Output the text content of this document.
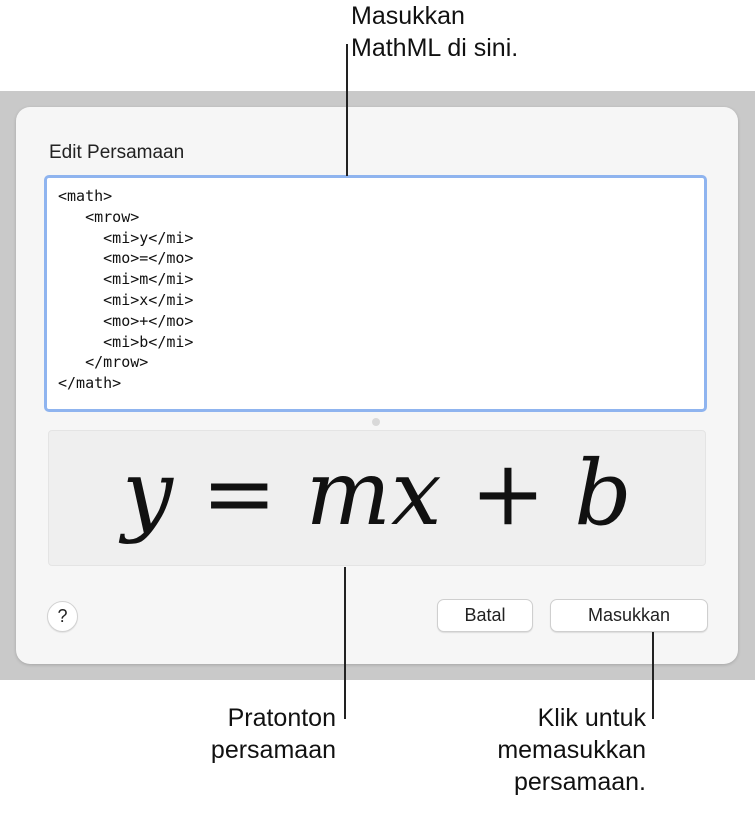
Edit Persamaan
<math> <mrow> <mi>y</mi> <mo>=</mo> <mi>m</mi> <mi>x</mi> <mo>+</mo> <mi>b</mi> </mrow> </math>
y = mx + b
?	Batal	Masukkan
Masukkan
MathML di sini.
Pratonton
persamaan
Klik untuk
memasukkan
persamaan.
